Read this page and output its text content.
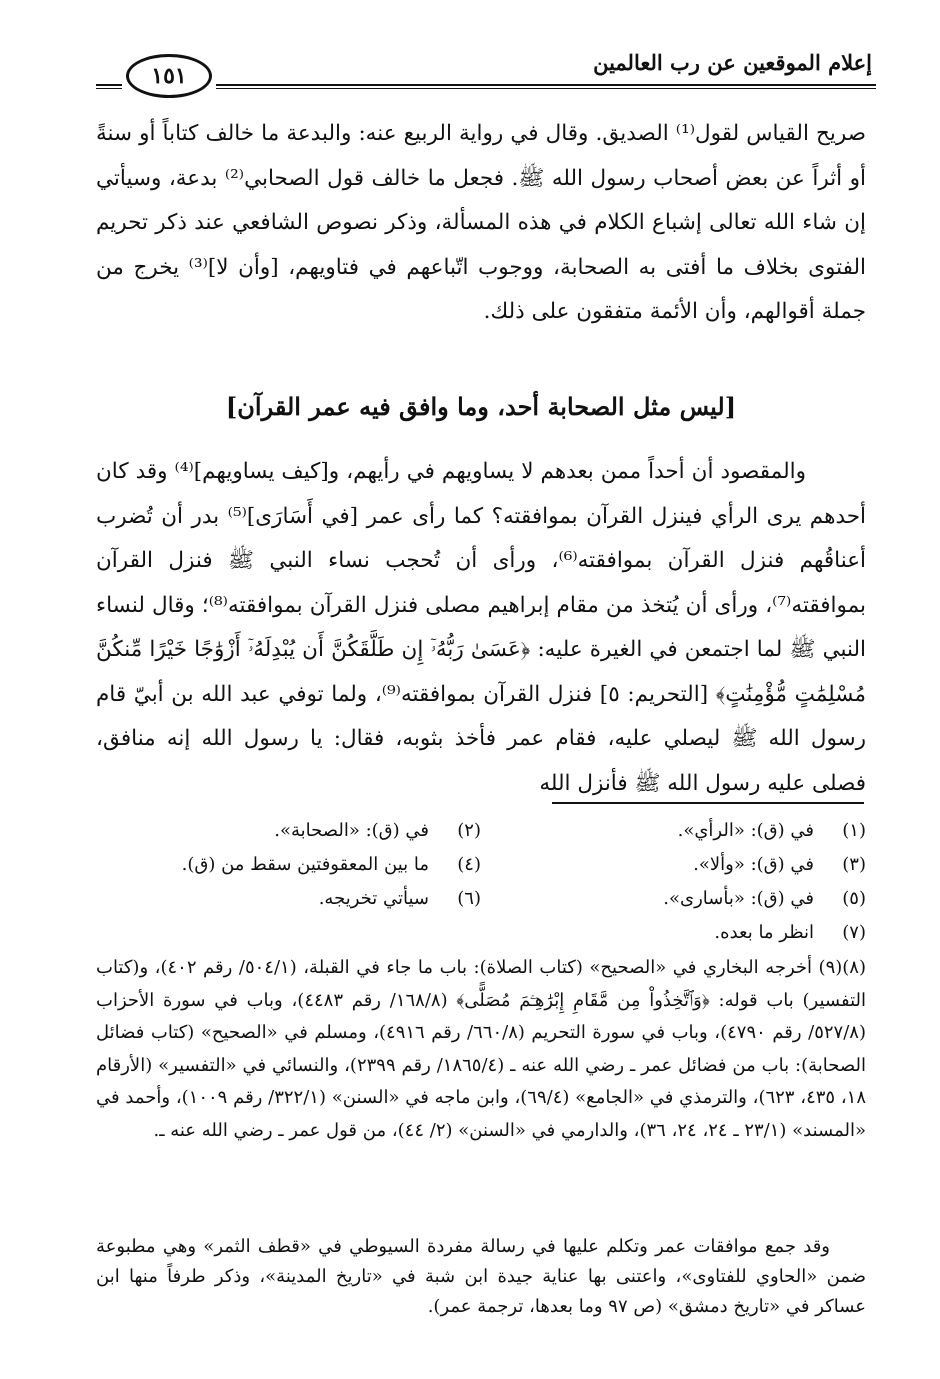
إعلام الموقعين عن رب العالمين
١٥١
صريح القياس لقول⁽¹⁾ الصديق. وقال في رواية الربيع عنه: والبدعة ما خالف كتاباً أو سنةً أو أثراً عن بعض أصحاب رسول الله ﷺ. فجعل ما خالف قول الصحابي⁽²⁾ بدعة، وسيأتي إن شاء الله تعالى إشباع الكلام في هذه المسألة، وذكر نصوص الشافعي عند ذكر تحريم الفتوى بخلاف ما أفتى به الصحابة، ووجوب اتّباعهم في فتاويهم، [وأن لا]⁽³⁾ يخرج من جملة أقوالهم، وأن الأئمة متفقون على ذلك.
[ليس مثل الصحابة أحد، وما وافق فيه عمر القرآن]
والمقصود أن أحداً ممن بعدهم لا يساويهم في رأيهم، و[كيف يساويهم]⁽⁴⁾ وقد كان أحدهم يرى الرأي فينزل القرآن بموافقته؟ كما رأى عمر [في أَسَارَى]⁽⁵⁾ بدر أن تُضرب أعناقُهم فنزل القرآن بموافقته⁽⁶⁾، ورأى أن تُحجب نساء النبي ﷺ فنزل القرآن بموافقته⁽⁷⁾، ورأى أن يُتخذ من مقام إبراهيم مصلى فنزل القرآن بموافقته⁽⁸⁾؛ وقال لنساء النبي ﷺ لما اجتمعن في الغيرة عليه: ﴿عَسَىٰ رَبُّهُۥٓ إِن طَلَّقَكُنَّ أَن يُبْدِلَهُۥٓ أَزْوَٰجًا خَيْرًا مِّنكُنَّ مُسْلِمَٰتٍ مُّؤْمِنَٰتٍ﴾ [التحريم: ٥] فنزل القرآن بموافقته⁽⁹⁾، ولما توفي عبد الله بن أبيّ قام رسول الله ﷺ ليصلي عليه، فقام عمر فأخذ بثوبه، فقال: يا رسول الله إنه منافق، فصلى عليه رسول الله ﷺ فأنزل الله
(١)
في (ق): «الرأي».
(٢)
في (ق): «الصحابة».
(٣)
في (ق): «وألا».
(٤)
ما بين المعقوفتين سقط من (ق).
(٥)
في (ق): «بأسارى».
(٦)
سيأتي تخريجه.
(٧)
انظر ما بعده.
(٨)(٩) أخرجه البخاري في «الصحيح» (كتاب الصلاة): باب ما جاء في القبلة، (٥٠٤/١/ رقم ٤٠٢)، و(كتاب التفسير) باب قوله: ﴿وَٱتَّخِذُواْ مِن مَّقَامِ إِبْرَٰهِـۧمَ مُصَلًّى﴾ (١٦٨/٨/ رقم ٤٤٨٣)، وباب في سورة الأحزاب (٥٢٧/٨/ رقم ٤٧٩٠)، وباب في سورة التحريم (٦٦٠/٨/ رقم ٤٩١٦)، ومسلم في «الصحيح» (كتاب فضائل الصحابة): باب من فضائل عمر ـ رضي الله عنه ـ (١٨٦٥/٤/ رقم ٢٣٩٩)، والنسائي في «التفسير» (الأرقام ١٨، ٤٣٥، ٦٢٣)، والترمذي في «الجامع» (٦٩/٤)، وابن ماجه في «السنن» (٣٢٢/١/ رقم ١٠٠٩)، وأحمد في «المسند» (٢٣/١ ـ ٢٤، ٢٤، ٣٦)، والدارمي في «السنن» (٢/ ٤٤)، من قول عمر ـ رضي الله عنه ـ.
وقد جمع موافقات عمر وتكلم عليها في رسالة مفردة السيوطي في «قطف الثمر» وهي مطبوعة ضمن «الحاوي للفتاوى»، واعتنى بها عناية جيدة ابن شبة في «تاريخ المدينة»، وذكر طرفاً منها ابن عساكر في «تاريخ دمشق» (ص ٩٧ وما بعدها، ترجمة عمر).
